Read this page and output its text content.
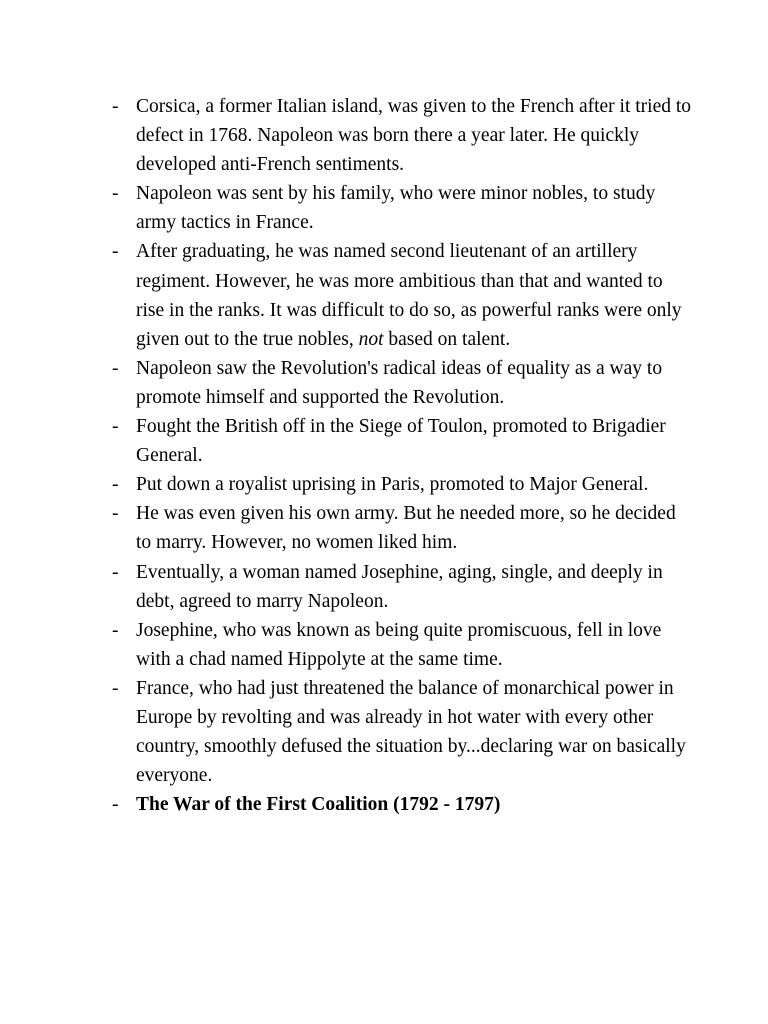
- Corsica, a former Italian island, was given to the French after it tried to defect in 1768. Napoleon was born there a year later. He quickly developed anti-French sentiments.
- Napoleon was sent by his family, who were minor nobles, to study army tactics in France.
- After graduating, he was named second lieutenant of an artillery regiment. However, he was more ambitious than that and wanted to rise in the ranks. It was difficult to do so, as powerful ranks were only given out to the true nobles, not based on talent.
- Napoleon saw the Revolution's radical ideas of equality as a way to promote himself and supported the Revolution.
- Fought the British off in the Siege of Toulon, promoted to Brigadier General.
- Put down a royalist uprising in Paris, promoted to Major General.
- He was even given his own army. But he needed more, so he decided to marry. However, no women liked him.
- Eventually, a woman named Josephine, aging, single, and deeply in debt, agreed to marry Napoleon.
- Josephine, who was known as being quite promiscuous, fell in love with a chad named Hippolyte at the same time.
- France, who had just threatened the balance of monarchical power in Europe by revolting and was already in hot water with every other country, smoothly defused the situation by...declaring war on basically everyone.
- The War of the First Coalition (1792 - 1797)
